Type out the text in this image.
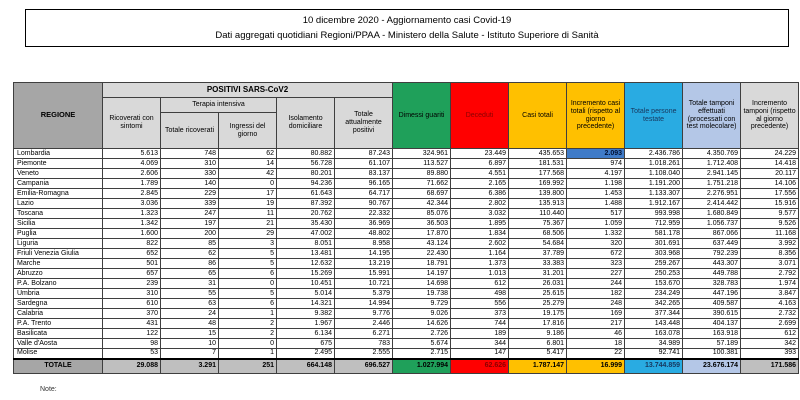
10 dicembre 2020 - Aggiornamento casi Covid-19
Dati aggregati quotidiani Regioni/PPAA - Ministero della Salute - Istituto Superiore di Sanità
REGIONE	POSITIVI SARS-CoV2					Dimessi guariti	Deceduti	Casi totali	Incremento casi totali (rispetto al giorno precedente)	Totale persone testate	Totale tamponi effettuati (processati con test molecolare)	Incremento tamponi (rispetto al giorno precedente)
	Ricoverati con sintomi	Terapia intensiva		Isolamento domiciliare	Totale attualmente positivi							
		Totale ricoverati	Ingressi del giorno									
Lombardia	5.613	748	62	80.882	87.243	324.961	23.449	435.653	2.093	2.436.786	4.350.769	24.229
Piemonte	4.069	310	14	56.728	61.107	113.527	6.897	181.531	974	1.018.261	1.712.408	14.418
Veneto	2.606	330	42	80.201	83.137	89.880	4.551	177.568	4.197	1.108.040	2.941.145	20.117
Campania	1.789	140	0	94.236	96.165	71.662	2.165	169.992	1.198	1.191.200	1.751.218	14.106
Emilia-Romagna	2.845	229	17	61.643	64.717	68.697	6.386	139.800	1.453	1.133.307	2.276.951	17.556
Lazio	3.036	339	19	87.392	90.767	42.344	2.802	135.913	1.488	1.912.167	2.414.442	15.916
Toscana	1.323	247	11	20.762	22.332	85.076	3.032	110.440	517	993.998	1.680.849	9.577
Sicilia	1.342	197	21	35.430	36.969	36.503	1.895	75.367	1.059	712.959	1.056.737	9.526
Puglia	1.600	200	29	47.002	48.802	17.870	1.834	68.506	1.332	581.178	867.066	11.168
Liguria	822	85	3	8.051	8.958	43.124	2.602	54.684	320	301.691	637.449	3.992
Friuli Venezia Giulia	652	62	5	13.481	14.195	22.430	1.164	37.789	672	303.968	792.239	8.356
Marche	501	86	5	12.632	13.219	18.791	1.373	33.383	323	259.267	443.307	3.071
Abruzzo	657	65	6	15.269	15.991	14.197	1.013	31.201	227	250.253	449.788	2.792
P.A. Bolzano	239	31	0	10.451	10.721	14.698	612	26.031	244	153.670	328.783	1.974
Umbria	310	55	5	5.014	5.379	19.738	498	25.615	182	234.249	447.196	3.847
Sardegna	610	63	6	14.321	14.994	9.729	556	25.279	248	342.265	409.587	4.163
Calabria	370	24	1	9.382	9.776	9.026	373	19.175	169	377.344	390.615	2.732
P.A. Trento	431	48	2	1.967	2.446	14.626	744	17.816	217	143.448	404.137	2.699
Basilicata	122	15	2	6.134	6.271	2.726	189	9.186	46	163.078	163.918	612
Valle d'Aosta	98	10	0	675	783	5.674	344	6.801	18	34.989	57.189	342
Molise	53	7	1	2.495	2.555	2.715	147	5.417	22	92.741	100.381	393
TOTALE	29.088	3.291	251	664.148	696.527	1.027.994	62.626	1.787.147	16.999	13.744.859	23.676.174	171.586
Note:
